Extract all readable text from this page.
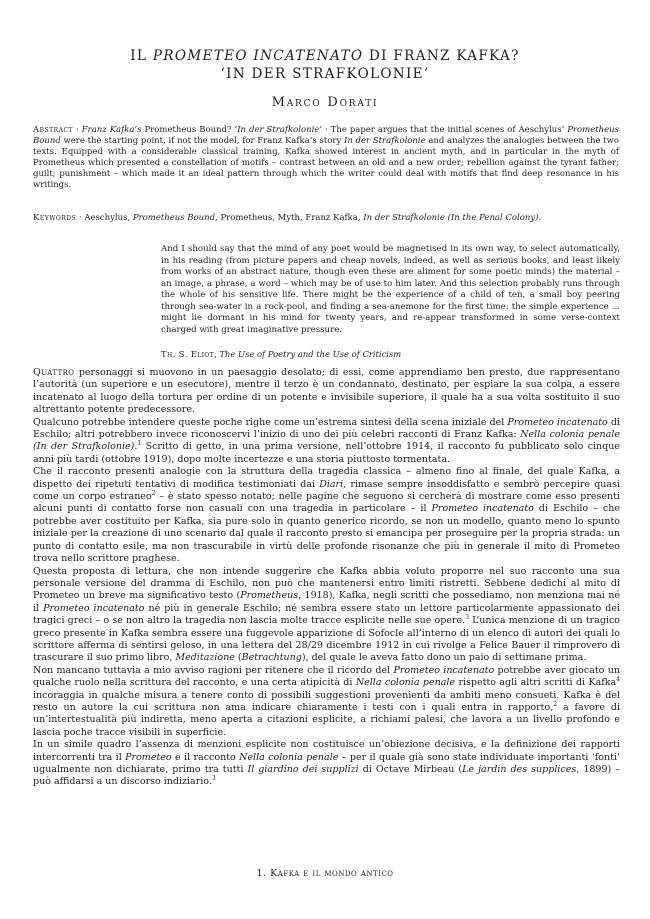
IL PROMETEO INCATENATO DI FRANZ KAFKA?
‘IN DER STRAFKOLONIE’
Marco Dorati
Abstract · Franz Kafka’s Prometheus Bound? ‘In der Strafkolonie’ · The paper argues that the initial scenes of Aeschylus’ Prometheus Bound were the starting point, if not the model, for Franz Kafka’s story In der Strafkolonie and analyzes the analogies between the two texts. Equipped with a considerable classical training, Kafka showed interest in ancient myth, and in particular in the myth of Prometheus which presented a constellation of motifs – contrast between an old and a new order; rebellion against the tyrant father; guilt; punishment – which made it an ideal pattern through which the writer could deal with motifs that find deep resonance in his writings.
Keywords · Aeschylus, Prometheus Bound, Prometheus, Myth, Franz Kafka, In der Strafkolonie (In the Penal Colony).
And I should say that the mind of any poet would be magnetised in its own way, to select automatically, in his reading (from picture papers and cheap novels, indeed, as well as serious books, and least likely from works of an abstract nature, though even these are aliment for some poetic minds) the material – an image, a phrase, a word – which may be of use to him later. And this selection probably runs through the whole of his sensitive life. There might be the experience of a child of ten, a small boy peering through sea-water in a rock-pool, and finding a sea-anemone for the first time: the simple experience ... might lie dormant in his mind for twenty years, and re-appear transformed in some verse-context charged with great imaginative pressure.
Th. S. Eliot, The Use of Poetry and the Use of Criticism

Quattro personaggi si muovono in un paesaggio desolato; di essi, come apprendiamo ben presto, due rappresentano l’autorità (un superiore e un esecutore), mentre il terzo è un condannato, destinato, per espiare la sua colpa, a essere incatenato al luogo della tortura per ordine di un potente e invisibile superiore, il quale ha a sua volta sostituito il suo altrettanto potente predecessore.

Qualcuno potrebbe intendere queste poche righe come un’estrema sintesi della scena iniziale del Prometeo incatenato di Eschilo; altri potrebbero invece riconoscervi l’inizio di uno dei più celebri racconti di Franz Kafka: Nella colonia penale (In der Strafkolonie).$^1$ Scritto di getto, in una prima versione, nell’ottobre 1914, il racconto fu pubblicato solo cinque anni più tardi (ottobre 1919), dopo molte incertezze e una storia piuttosto tormentata.

Che il racconto presenti analogie con la struttura della tragedia classica – almeno fino al finale, del quale Kafka, a dispetto dei ripetuti tentativi di modifica testimoniati dai Diari, rimase sempre insoddisfatto e sembrò percepire quasi come un corpo estraneo$^2$ – è stato spesso notato; nelle pagine che seguono si cercherà di mostrare come esso presenti alcuni punti di contatto forse non casuali con una tragedia in particolare – il Prometeo incatenato di Eschilo – che potrebbe aver costituito per Kafka, sia pure solo in quanto generico ricordo, se non un modello, quanto meno lo spunto iniziale per la creazione di uno scenario dal quale il racconto presto si emancipa per proseguire per la propria strada: un punto di contatto esile, ma non trascurabile in virtù delle profonde risonanze che più in generale il mito di Prometeo trova nello scrittore praghese.

Questa proposta di lettura, che non intende suggerire che Kafka abbia voluto proporre nel suo racconto una sua personale versione del dramma di Eschilo, non può che mantenersi entro limiti ristretti. Sebbene dedichi al mito di Prometeo un breve ma significativo testo (Prometheus, 1918), Kafka, negli scritti che possediamo, non menziona mai né il Prometeo incatenato né più in generale Eschilo; né sembra essere stato un lettore particolarmente appassionato dei tragici greci – o se non altro la tragedia non lascia molte tracce esplicite nelle sue opere.$^3$ L’unica menzione di un tragico greco presente in Kafka sembra essere una fuggevole apparizione di Sofocle all’interno di un elenco di autori dei quali lo scrittore afferma di sentirsi geloso, in una lettera del 28/29 dicembre 1912 in cui rivolge a Felice Bauer il rimprovero di trascurare il suo primo libro, Meditazione (Betrachtung), del quale le aveva fatto dono un paio di settimane prima.

Non mancano tuttavia a mio avviso ragioni per ritenere che il ricordo del Prometeo incatenato potrebbe aver giocato un qualche ruolo nella scrittura del racconto, e una certa atipicità di Nella colonia penale rispetto agli altri scritti di Kafka$^4$ incoraggia in qualche misura a tenere conto di possibili suggestioni provenienti da ambiti meno consueti. Kafka è del resto un autore la cui scrittura non ama indicare chiaramente i testi con i quali entra in rapporto,$^2$ a favore di un’intertestualità più indiretta, meno aperta a citazioni esplicite, a richiami palesi, che lavora a un livello profondo e lascia poche tracce visibili in superficie.

In un simile quadro l’assenza di menzioni esplicite non costituisce un’obiezione decisiva, e la definizione dei rapporti intercorrenti tra il Prometeo e il racconto Nella colonia penale – per il quale già sono state individuate importanti ‘fonti’ ugualmente non dichiarate, primo tra tutti Il giardino dei supplizi di Octave Mirbeau (Le jardin des supplices, 1899) – può affidarsi a un discorso indiziario.$^3$

1. Kafka e il mondo antico
